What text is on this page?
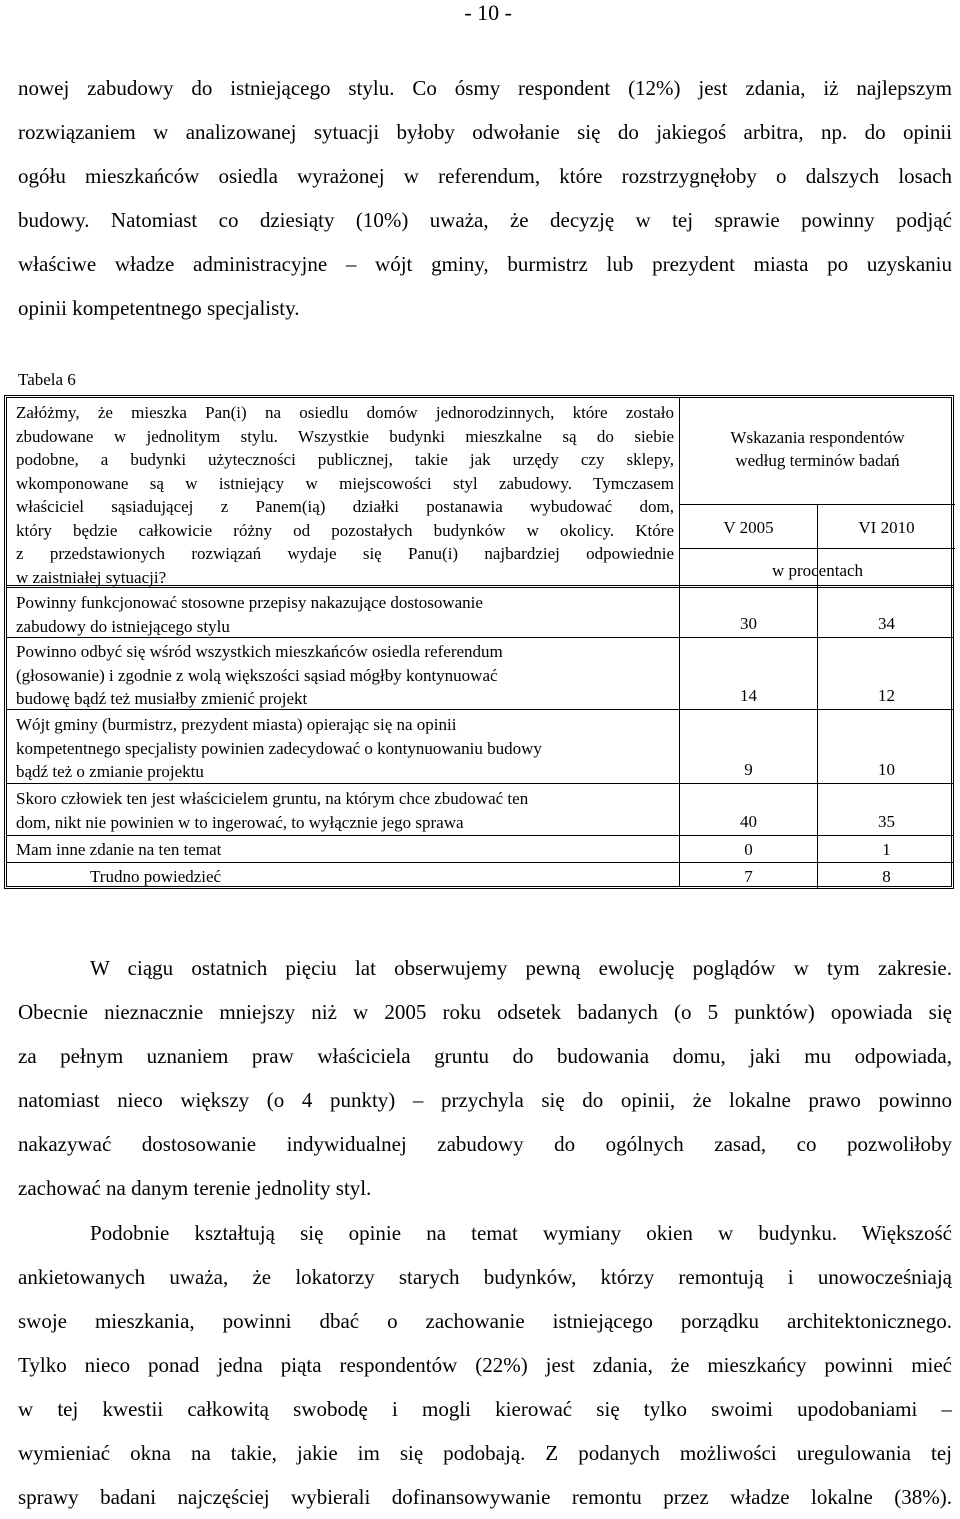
- 10 -
nowej zabudowy do istniejącego stylu. Co ósmy respondent (12%) jest zdania, iż najlepszym
rozwiązaniem w analizowanej sytuacji byłoby odwołanie się do jakiegoś arbitra, np. do opinii
ogółu mieszkańców osiedla wyrażonej w referendum, które rozstrzygnęłoby o dalszych losach
budowy. Natomiast co dziesiąty (10%) uważa, że decyzję w tej sprawie powinny podjąć
właściwe władze administracyjne – wójt gminy, burmistrz lub prezydent miasta po uzyskaniu
opinii kompetentnego specjalisty.
Tabela 6
Załóżmy, że mieszka Pan(i) na osiedlu domów jednorodzinnych, które zostało
zbudowane w jednolitym stylu. Wszystkie budynki mieszkalne są do siebie
podobne, a budynki użyteczności publicznej, takie jak urzędy czy sklepy,
wkomponowane są w istniejący w miejscowości styl zabudowy. Tymczasem
właściciel sąsiadującej z Panem(ią) działki postanawia wybudować dom,
który będzie całkowicie różny od pozostałych budynków w okolicy. Które
z przedstawionych rozwiązań wydaje się Panu(i) najbardziej odpowiednie
w zaistniałej sytuacji?
Wskazania respondentów
według terminów badań
V 2005	VI 2010
w procentach
Powinny funkcjonować stosowne przepisy nakazujące dostosowanie
zabudowy do istniejącego stylu	30	34
Powinno odbyć się wśród wszystkich mieszkańców osiedla referendum
(głosowanie) i zgodnie z wolą większości sąsiad mógłby kontynuować
budowę bądź też musiałby zmienić projekt	14	12
Wójt gminy (burmistrz, prezydent miasta) opierając się na opinii
kompetentnego specjalisty powinien zadecydować o kontynuowaniu budowy
bądź też o zmianie projektu	9	10
Skoro człowiek ten jest właścicielem gruntu, na którym chce zbudować ten
dom, nikt nie powinien w to ingerować, to wyłącznie jego sprawa	40	35
Mam inne zdanie na ten temat	0	1
Trudno powiedzieć	7	8
W ciągu ostatnich pięciu lat obserwujemy pewną ewolucję poglądów w tym zakresie.
Obecnie nieznacznie mniejszy niż w 2005 roku odsetek badanych (o 5 punktów) opowiada się
za pełnym uznaniem praw właściciela gruntu do budowania domu, jaki mu odpowiada,
natomiast nieco większy (o 4 punkty) – przychyla się do opinii, że lokalne prawo powinno
nakazywać dostosowanie indywidualnej zabudowy do ogólnych zasad, co pozwoliłoby
zachować na danym terenie jednolity styl.
Podobnie kształtują się opinie na temat wymiany okien w budynku. Większość
ankietowanych uważa, że lokatorzy starych budynków, którzy remontują i unowocześniają
swoje mieszkania, powinni dbać o zachowanie istniejącego porządku architektonicznego.
Tylko nieco ponad jedna piąta respondentów (22%) jest zdania, że mieszkańcy powinni mieć
w tej kwestii całkowitą swobodę i mogli kierować się tylko swoimi upodobaniami –
wymieniać okna na takie, jakie im się podobają. Z podanych możliwości uregulowania tej
sprawy badani najczęściej wybierali dofinansowywanie remontu przez władze lokalne (38%).
